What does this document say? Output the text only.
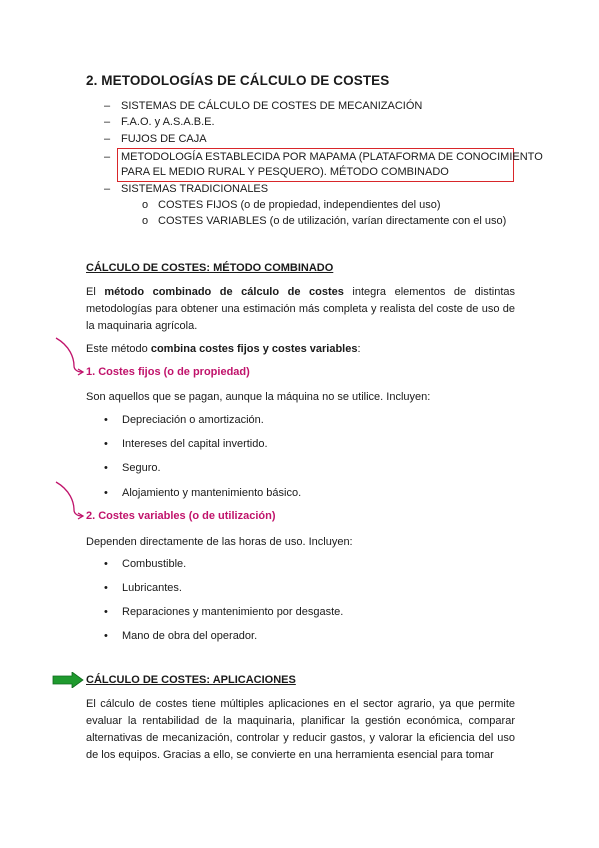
2. METODOLOGÍAS DE CÁLCULO DE COSTES
– SISTEMAS DE CÁLCULO DE COSTES DE MECANIZACIÓN
– F.A.O. y A.S.A.B.E.
– FUJOS DE CAJA
– METODOLOGÍA ESTABLECIDA POR MAPAMA (PLATAFORMA DE CONOCIMIENTO
PARA EL MEDIO RURAL Y PESQUERO). MÉTODO COMBINADO
– SISTEMAS TRADICIONALES
o COSTES FIJOS (o de propiedad, independientes del uso)
o COSTES VARIABLES (o de utilización, varían directamente con el uso)
CÁLCULO DE COSTES: MÉTODO COMBINADO
El método combinado de cálculo de costes integra elementos de distintas metodologías para obtener una estimación más completa y realista del coste de uso de la maquinaria agrícola.
Este método combina costes fijos y costes variables:
1. Costes fijos (o de propiedad)
Son aquellos que se pagan, aunque la máquina no se utilice. Incluyen:
• Depreciación o amortización.
• Intereses del capital invertido.
• Seguro.
• Alojamiento y mantenimiento básico.
2. Costes variables (o de utilización)
Dependen directamente de las horas de uso. Incluyen:
• Combustible.
• Lubricantes.
• Reparaciones y mantenimiento por desgaste.
• Mano de obra del operador.
CÁLCULO DE COSTES: APLICACIONES
El cálculo de costes tiene múltiples aplicaciones en el sector agrario, ya que permite evaluar la rentabilidad de la maquinaria, planificar la gestión económica, comparar alternativas de mecanización, controlar y reducir gastos, y valorar la eficiencia del uso de los equipos. Gracias a ello, se convierte en una herramienta esencial para tomar
